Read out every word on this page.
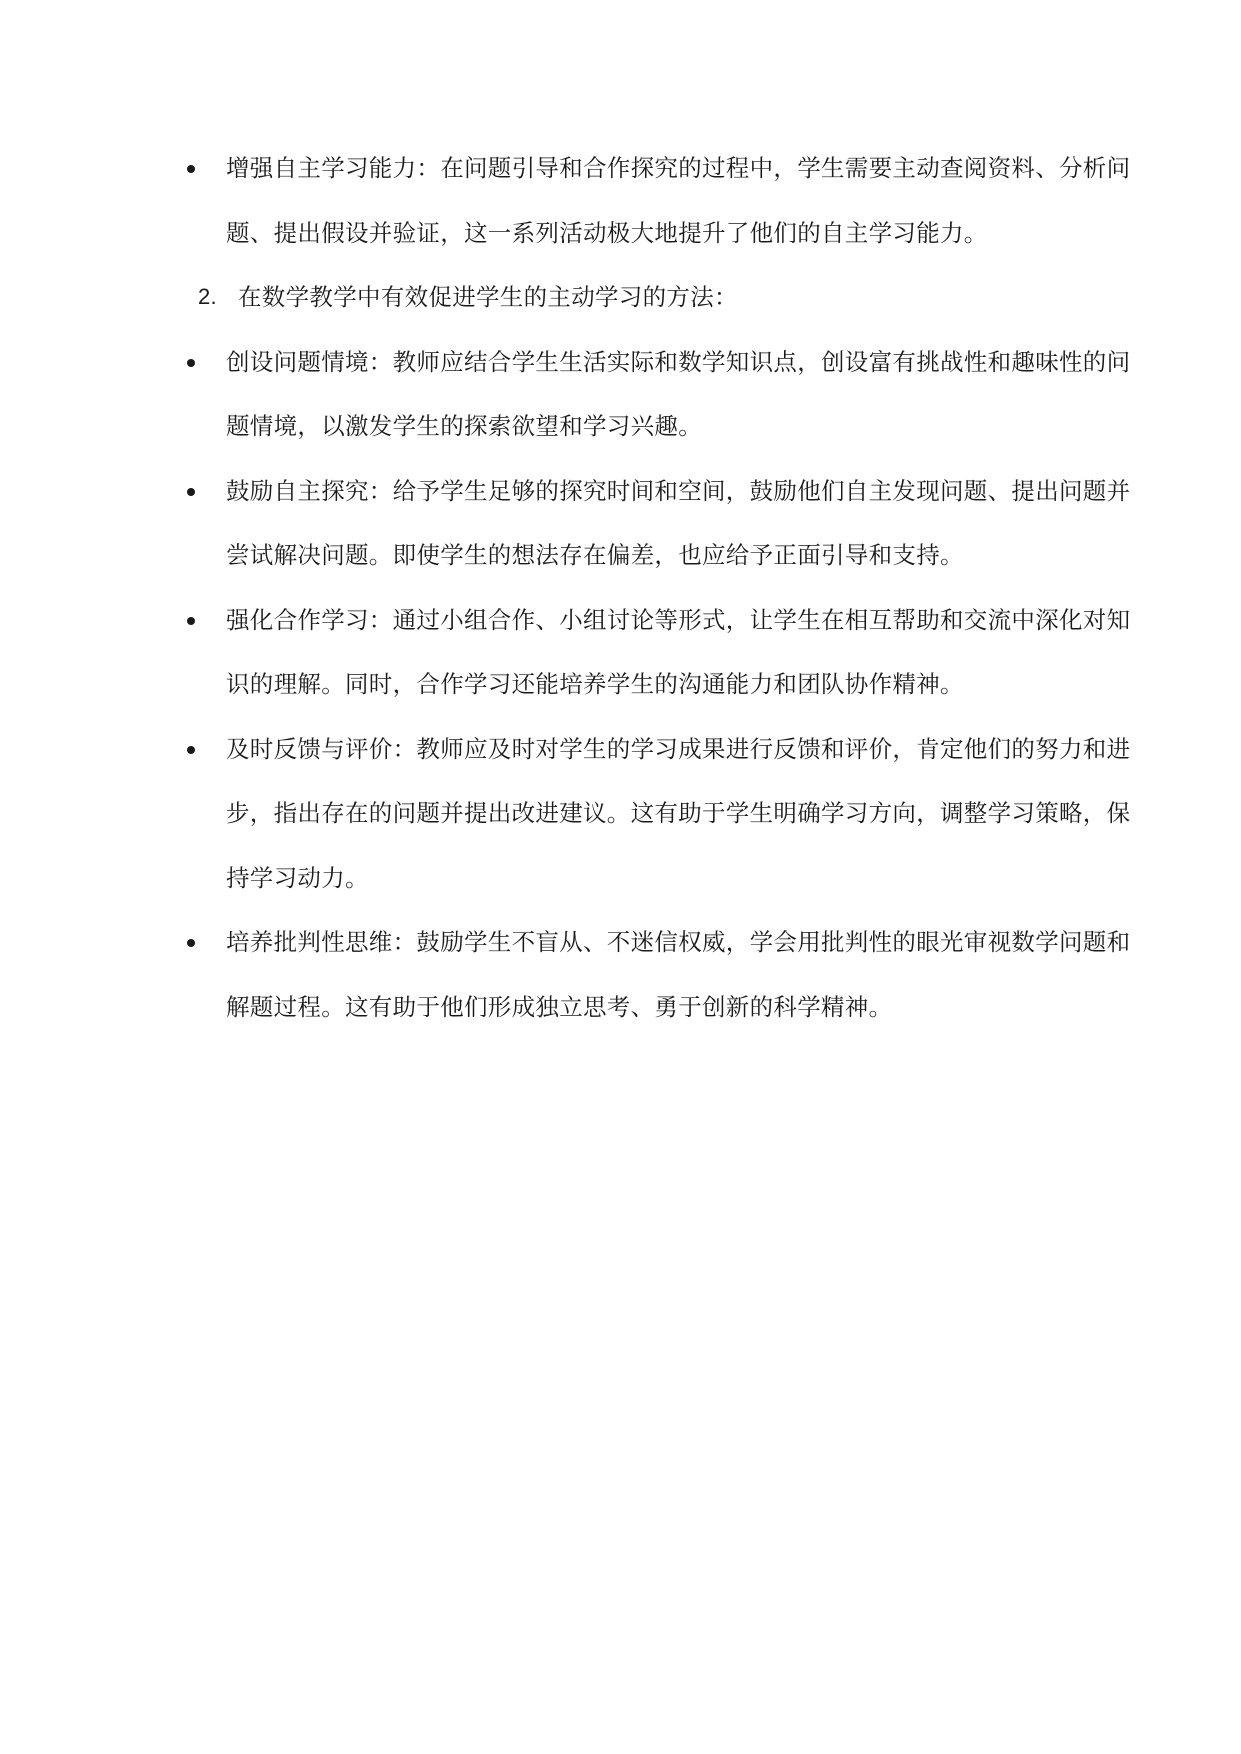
增强自主学习能力：在问题引导和合作探究的过程中，学生需要主动查阅资料、分析问题、提出假设并验证，这一系列活动极大地提升了他们的自主学习能力。
2. 在数学教学中有效促进学生的主动学习的方法：
创设问题情境：教师应结合学生生活实际和数学知识点，创设富有挑战性和趣味性的问题情境，以激发学生的探索欲望和学习兴趣。
鼓励自主探究：给予学生足够的探究时间和空间，鼓励他们自主发现问题、提出问题并尝试解决问题。即使学生的想法存在偏差，也应给予正面引导和支持。
强化合作学习：通过小组合作、小组讨论等形式，让学生在相互帮助和交流中深化对知识的理解。同时，合作学习还能培养学生的沟通能力和团队协作精神。
及时反馈与评价：教师应及时对学生的学习成果进行反馈和评价，肯定他们的努力和进步，指出存在的问题并提出改进建议。这有助于学生明确学习方向，调整学习策略，保持学习动力。
培养批判性思维：鼓励学生不盲从、不迷信权威，学会用批判性的眼光审视数学问题和解题过程。这有助于他们形成独立思考、勇于创新的科学精神。
